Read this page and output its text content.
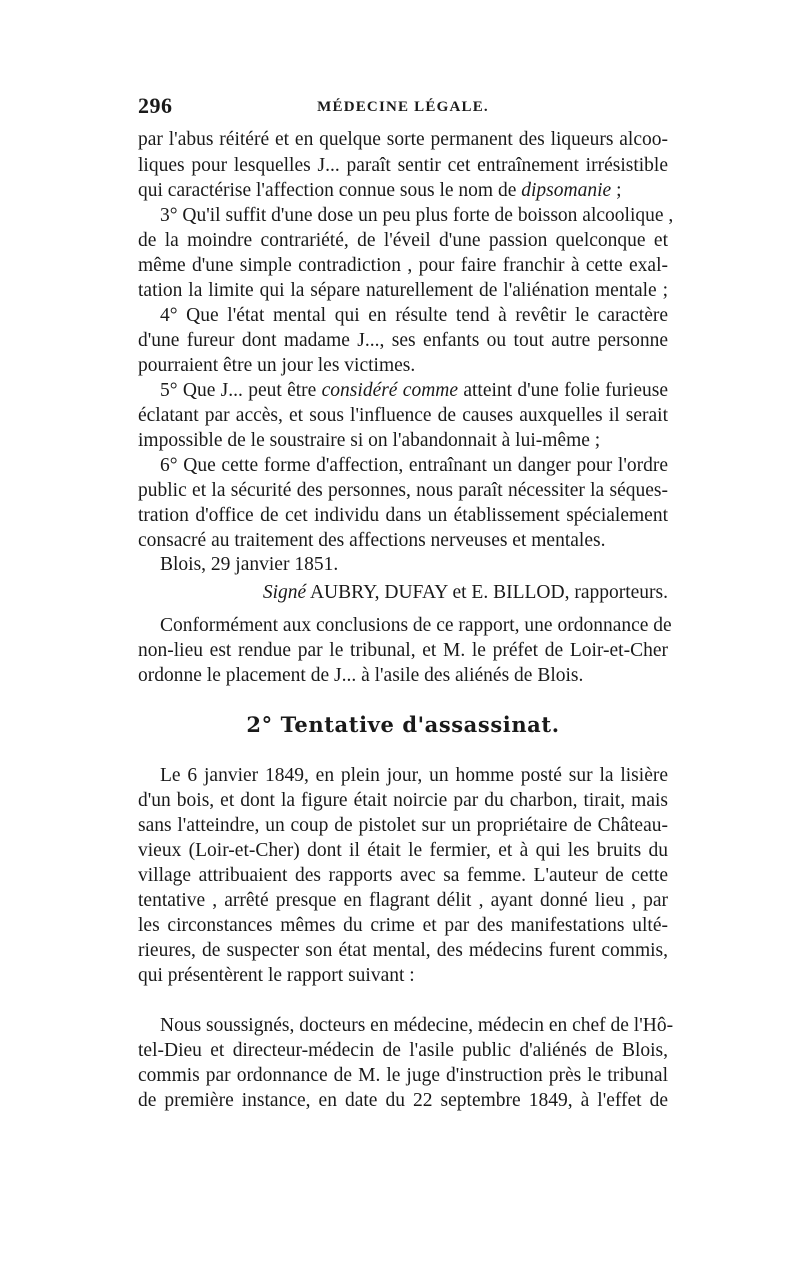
296	MÉDECINE LÉGALE.
par l'abus réitéré et en quelque sorte permanent des liqueurs alcoo-
liques pour lesquelles J... paraît sentir cet entraînement irrésistible
qui caractérise l'affection connue sous le nom de dipsomanie ;
3° Qu'il suffit d'une dose un peu plus forte de boisson alcoolique ,
de la moindre contrariété, de l'éveil d'une passion quelconque et
même d'une simple contradiction , pour faire franchir à cette exal-
tation la limite qui la sépare naturellement de l'aliénation mentale ;
4° Que l'état mental qui en résulte tend à revêtir le caractère
d'une fureur dont madame J..., ses enfants ou tout autre personne
pourraient être un jour les victimes.
5° Que J... peut être considéré comme atteint d'une folie furieuse
éclatant par accès, et sous l'influence de causes auxquelles il serait
impossible de le soustraire si on l'abandonnait à lui-même ;
6° Que cette forme d'affection, entraînant un danger pour l'ordre
public et la sécurité des personnes, nous paraît nécessiter la séques-
tration d'office de cet individu dans un établissement spécialement
consacré au traitement des affections nerveuses et mentales.
Blois, 29 janvier 1851.
Signé AUBRY, DUFAY et E. BILLOD, rapporteurs.
Conformément aux conclusions de ce rapport, une ordonnance de
non-lieu est rendue par le tribunal, et M. le préfet de Loir-et-Cher
ordonne le placement de J... à l'asile des aliénés de Blois.
2° Tentative d'assassinat.
Le 6 janvier 1849, en plein jour, un homme posté sur la lisière
d'un bois, et dont la figure était noircie par du charbon, tirait, mais
sans l'atteindre, un coup de pistolet sur un propriétaire de Château-
vieux (Loir-et-Cher) dont il était le fermier, et à qui les bruits du
village attribuaient des rapports avec sa femme. L'auteur de cette
tentative , arrêté presque en flagrant délit , ayant donné lieu , par
les circonstances mêmes du crime et par des manifestations ulté-
rieures, de suspecter son état mental, des médecins furent commis,
qui présentèrent le rapport suivant :
Nous soussignés, docteurs en médecine, médecin en chef de l'Hô-
tel-Dieu et directeur-médecin de l'asile public d'aliénés de Blois,
commis par ordonnance de M. le juge d'instruction près le tribunal
de première instance, en date du 22 septembre 1849, à l'effet de
